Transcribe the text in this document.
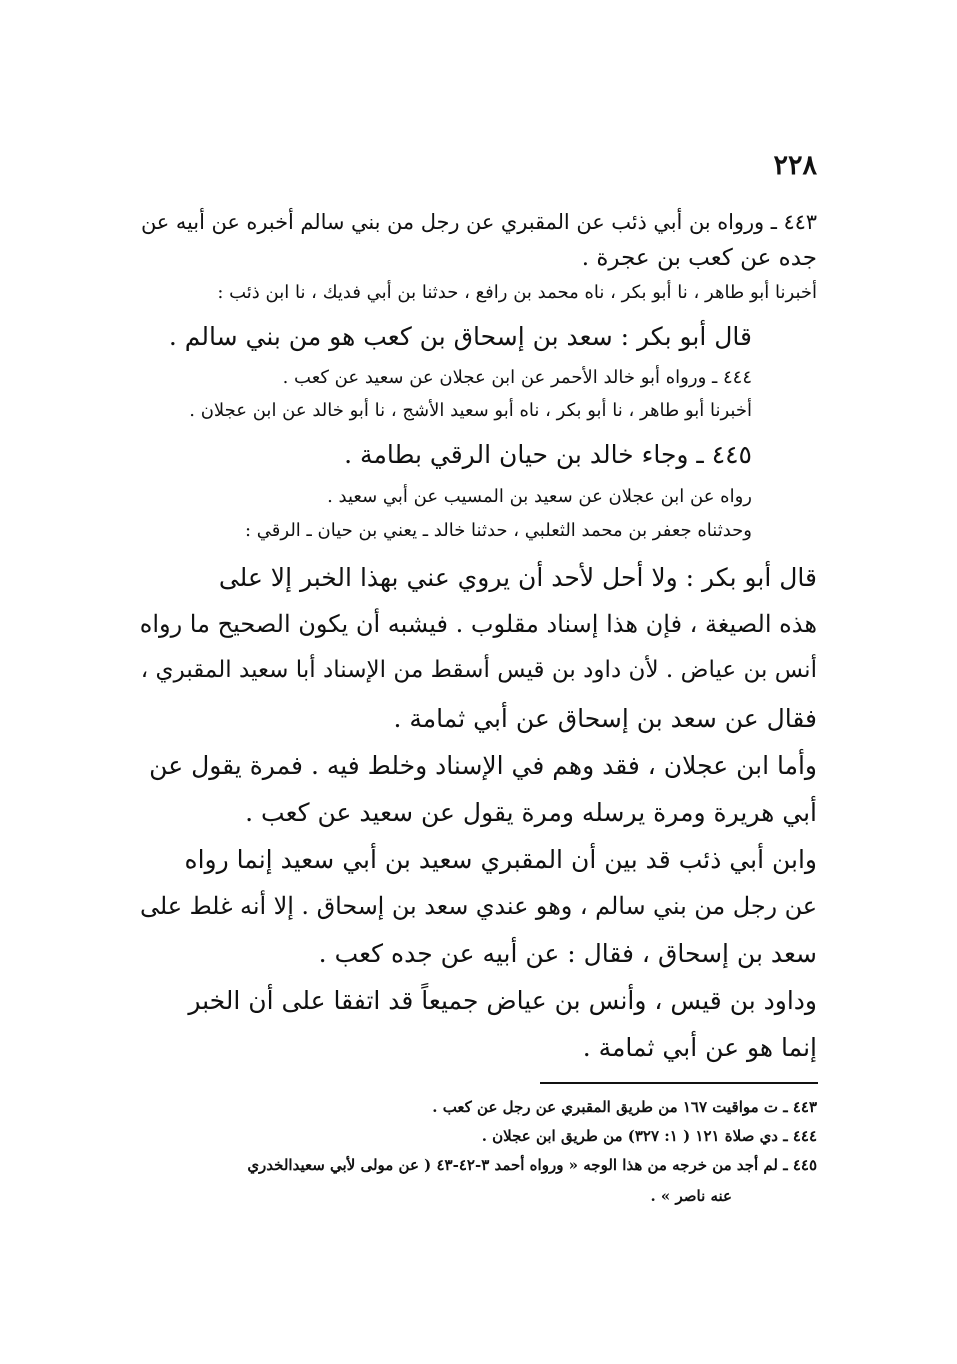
٢٢٨
٤٤٣ ـ ورواه بن أبي ذئب عن المقبري عن رجل من بني سالم أخبره عن أبيه عن
جده عن كعب بن عجرة .
أخبرنا أبو طاهر ، نا أبو بكر ، ناه محمد بن رافع ، حدثنا بن أبي فديك ، نا ابن ذئب :
قال أبو بكر : سعد بن إسحاق بن كعب هو من بني سالم .
٤٤٤ ـ ورواه أبو خالد الأحمر عن ابن عجلان عن سعيد عن كعب .
أخبرنا أبو طاهر ، نا أبو بكر ، ناه أبو سعيد الأشج ، نا أبو خالد عن ابن عجلان .
٤٤٥ ـ وجاء خالد بن حيان الرقي بطامة .
رواه عن ابن عجلان عن سعيد بن المسيب عن أبي سعيد .
وحدثناه جعفر بن محمد الثعلبي ، حدثنا خالد ـ يعني بن حيان ـ الرقي :
قال أبو بكر : ولا أحل لأحد أن يروي عني بهذا الخبر إلا على
هذه الصيغة ، فإن هذا إسناد مقلوب . فيشبه أن يكون الصحيح ما رواه
أنس بن عياض . لأن داود بن قيس أسقط من الإسناد أبا سعيد المقبري ،
فقال عن سعد بن إسحاق عن أبي ثمامة .
وأما ابن عجلان ، فقد وهم في الإسناد وخلط فيه . فمرة يقول عن
أبي هريرة ومرة يرسله ومرة يقول عن سعيد عن كعب .
وابن أبي ذئب قد بين أن المقبري سعيد بن أبي سعيد إنما رواه
عن رجل من بني سالم ، وهو عندي سعد بن إسحاق . إلا أنه غلط على
سعد بن إسحاق ، فقال : عن أبيه عن جده كعب .
وداود بن قيس ، وأنس بن عياض جميعاً قد اتفقا على أن الخبر
إنما هو عن أبي ثمامة .
٤٤٣ ـ ت مواقيت ١٦٧ من طريق المقبري عن رجل عن كعب .
٤٤٤ ـ دي صلاة ١٢١ ( ١: ٣٢٧) من طريق ابن عجلان .
٤٤٥ ـ لم أجد من خرجه من هذا الوجه « ورواه أحمد ٣-٤٢-٤٣ ( عن مولى لأبي سعيدالخدري
عنه ناصر » .
